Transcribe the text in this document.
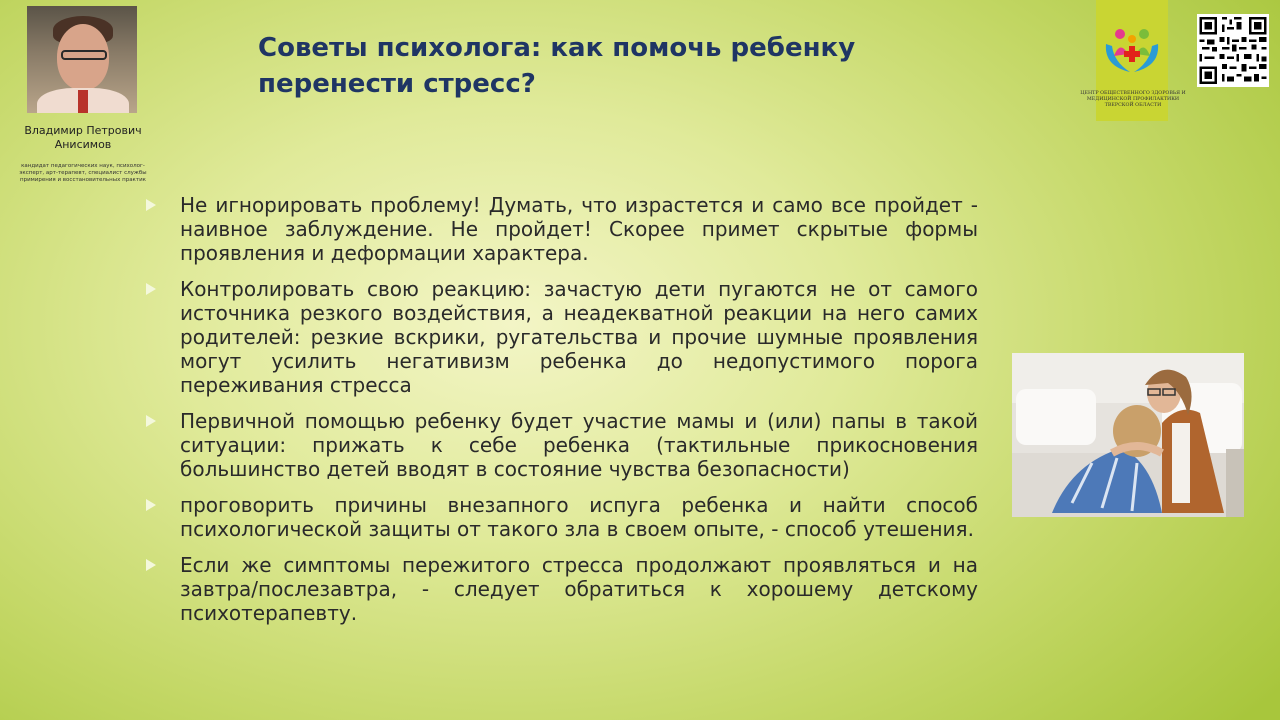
Владимир Петрович Анисимов
кандидат педагогических наук, психолог-эксперт, арт-терапевт, специалист службы примирения и восстановительных практик
Советы психолога: как помочь ребенку перенести стресс?	ЦЕНТР ОБЩЕСТВЕННОГО ЗДОРОВЬЯ И МЕДИЦИНСКОЙ ПРОФИЛАКТИКИ ТВЕРСКОЙ ОБЛАСТИ
Не игнорировать проблему! Думать, что израстется и само все пройдет - наивное заблуждение. Не пройдет! Скорее примет скрытые формы проявления и деформации характера.
Контролировать свою реакцию: зачастую дети пугаются не от самого источника резкого воздействия, а неадекватной реакции на него самих родителей: резкие вскрики, ругательства и прочие шумные проявления могут усилить негативизм ребенка до недопустимого порога переживания стресса
Первичной помощью ребенку будет участие мамы и (или) папы в такой ситуации: прижать к себе ребенка (тактильные прикосновения большинство детей вводят в состояние чувства безопасности)
проговорить причины внезапного испуга ребенка и найти способ психологической защиты от такого зла в своем опыте, - способ утешения.
Если же симптомы пережитого стресса продолжают проявляться и на завтра/послезавтра, - следует обратиться к хорошему детскому психотерапевту.
